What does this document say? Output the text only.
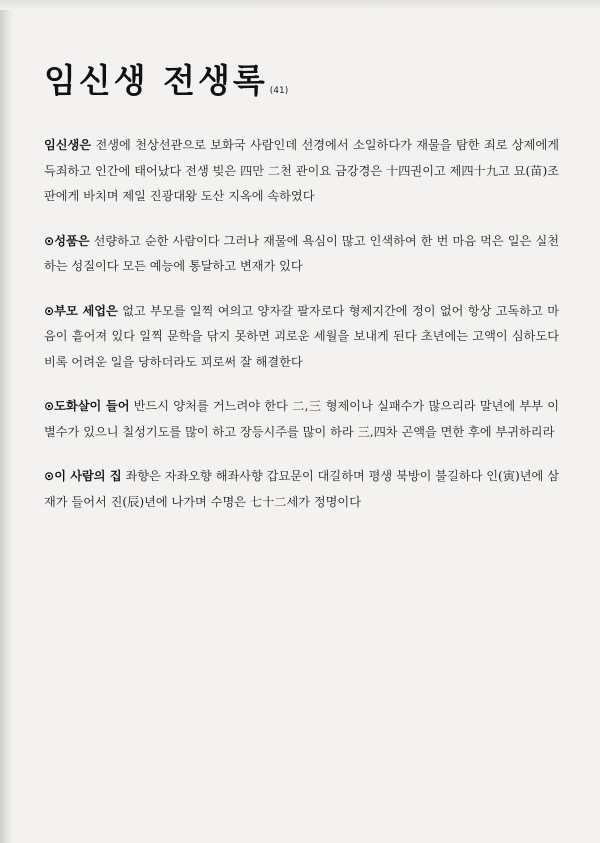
임신생 전생록 (41)

임신생은 전생에 천상선관으로 보화국 사람인데 선경에서 소일하다가 재물을 탐한 죄로 상제에게 득죄하고 인간에 태어났다 전생 빚은 四만 二천 관이요 금강경은 十四권이고 제四十九고 묘(苗)조판에게 바치며 제일 진광대왕 도산 지옥에 속하였다

⊙성품은 선량하고 순한 사람이다 그러나 재물에 욕심이 많고 인색하여 한 번 마음 먹은 일은 실천하는 성질이다 모든 예능에 통달하고 변재가 있다

⊙부모 세업은 없고 부모를 일찍 여의고 양자갈 팔자로다 형제지간에 정이 없어 항상 고독하고 마음이 흩어져 있다 일찍 문학을 닦지 못하면 괴로운 세월을 보내게 된다 초년에는 고액이 심하도다 비록 어려운 일을 당하더라도 꾀로써 잘 해결한다

⊙도화살이 들어 반드시 양처를 거느려야 한다 二,三 형제이나 실패수가 많으리라 말년에 부부 이별수가 있으니 칠성기도를 많이 하고 장등시주를 많이 하라 三,四차 곤액을 면한 후에 부귀하리라

⊙이 사람의 집 좌향은 자좌오향 해좌사향 갑묘문이 대길하며 평생 북방이 불길하다 인(寅)년에 삼재가 들어서 진(辰)년에 나가며 수명은 七十二세가 정명이다
